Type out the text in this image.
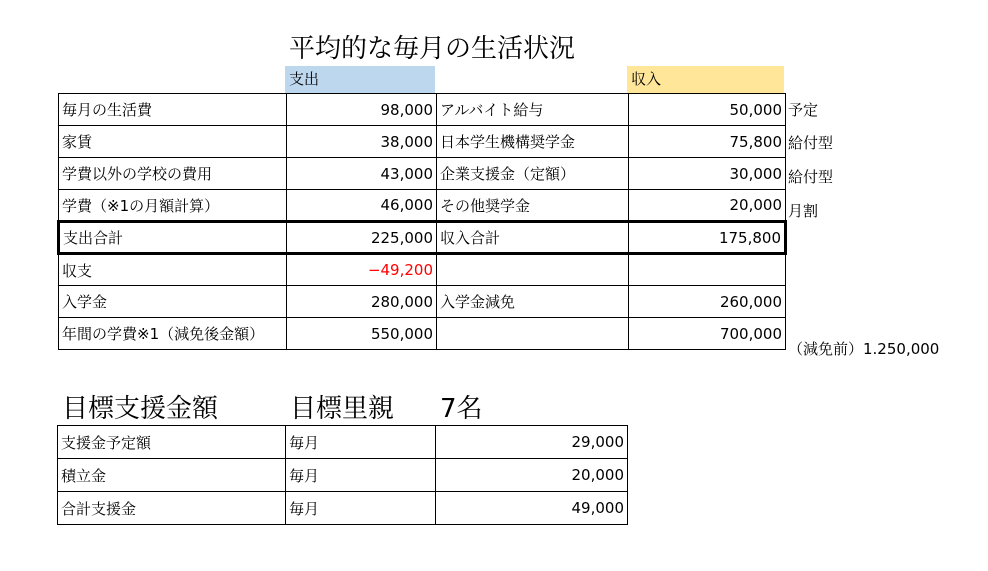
平均的な毎月の生活状況
支出	収入
毎月の生活費	98,000	アルバイト給与	50,000
家賃	38,000	日本学生機構奨学金	75,800
学費以外の学校の費用	43,000	企業支援金（定額）	30,000
学費（※1の月額計算）	46,000	その他奨学金	20,000
支出合計	225,000	収入合計	175,800
収支	−49,200		
入学金	280,000	入学金減免	260,000
年間の学費※1（減免後金額）	550,000		700,000
予定
給付型
給付型
月割
（減免前）1.250,000
目標支援金額	目標里親 7名
支援金予定額	毎月	29,000
積立金	毎月	20,000
合計支援金	毎月	49,000
